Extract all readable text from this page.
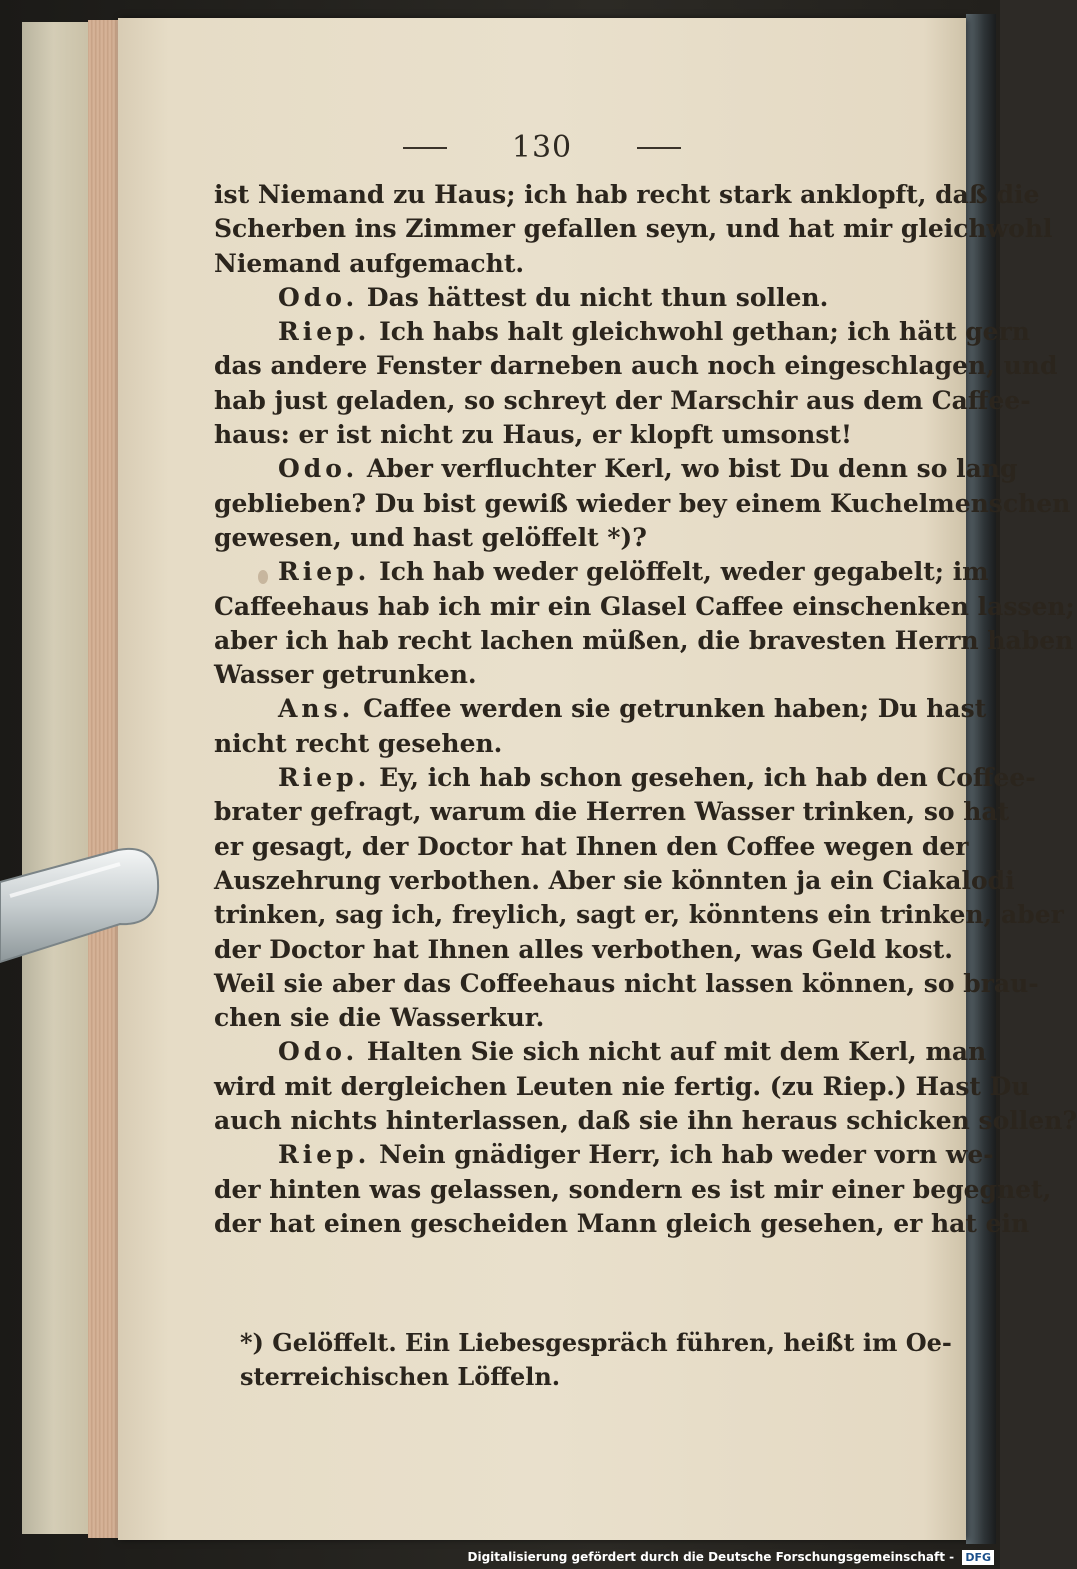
130
ist Niemand zu Haus; ich hab recht stark anklopft, daß die
Scherben ins Zimmer gefallen seyn, und hat mir gleichwohl
Niemand aufgemacht.
Odo. Das hättest du nicht thun sollen.
Riep. Ich habs halt gleichwohl gethan; ich hätt gern
das andere Fenster darneben auch noch eingeschlagen, und
hab just geladen, so schreyt der Marschir aus dem Caffee-
haus: er ist nicht zu Haus, er klopft umsonst!
Odo. Aber verfluchter Kerl, wo bist Du denn so lang
geblieben? Du bist gewiß wieder bey einem Kuchelmenschen
gewesen, und hast gelöffelt *)?
Riep. Ich hab weder gelöffelt, weder gegabelt; im
Caffeehaus hab ich mir ein Glasel Caffee einschenken lassen;
aber ich hab recht lachen müßen, die bravesten Herrn haben
Wasser getrunken.
Ans. Caffee werden sie getrunken haben; Du hast
nicht recht gesehen.
Riep. Ey, ich hab schon gesehen, ich hab den Coffee-
brater gefragt, warum die Herren Wasser trinken, so hat
er gesagt, der Doctor hat Ihnen den Coffee wegen der
Auszehrung verbothen. Aber sie könnten ja ein Ciakalodi
trinken, sag ich, freylich, sagt er, könntens ein trinken, aber
der Doctor hat Ihnen alles verbothen, was Geld kost.
Weil sie aber das Coffeehaus nicht lassen können, so brau-
chen sie die Wasserkur.
Odo. Halten Sie sich nicht auf mit dem Kerl, man
wird mit dergleichen Leuten nie fertig. (zu Riep.) Hast Du
auch nichts hinterlassen, daß sie ihn heraus schicken sollen?
Riep. Nein gnädiger Herr, ich hab weder vorn we-
der hinten was gelassen, sondern es ist mir einer begegnet,
der hat einen gescheiden Mann gleich gesehen, er hat ein
*) Gelöffelt. Ein Liebesgespräch führen, heißt im Oe-
sterreichischen Löffeln.
Digitalisierung gefördert durch die Deutsche Forschungsgemeinschaft - DFG
